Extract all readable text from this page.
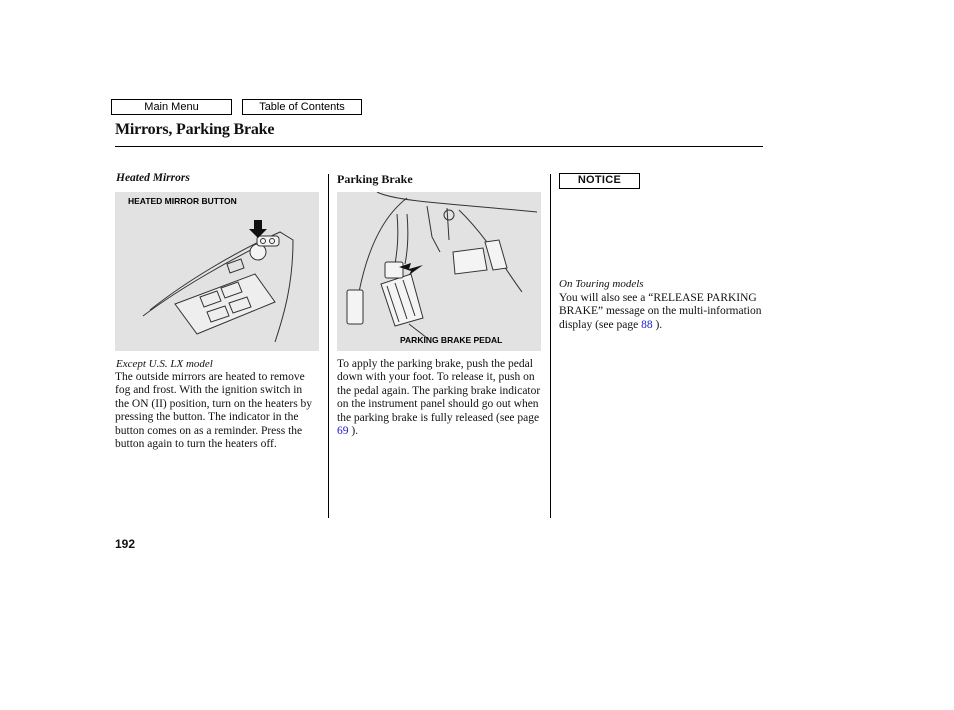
Main Menu	Table of Contents
Mirrors, Parking Brake
Heated Mirrors
HEATED MIRROR BUTTON
Except U.S. LX model

The outside mirrors are heated to remove fog and frost. With the ignition switch in the ON (II) position, turn on the heaters by pressing the button. The indicator in the button comes on as a reminder. Press the button again to turn the heaters off.

Parking Brake
PARKING BRAKE PEDAL

To apply the parking brake, push the pedal down with your foot. To release it, push on the pedal again. The parking brake indicator on the instrument panel should go out when the parking brake is fully released (see page 69 ).

NOTICE
On Touring models

You will also see a “RELEASE PARKING BRAKE” message on the multi-information display (see page 88 ).

192
